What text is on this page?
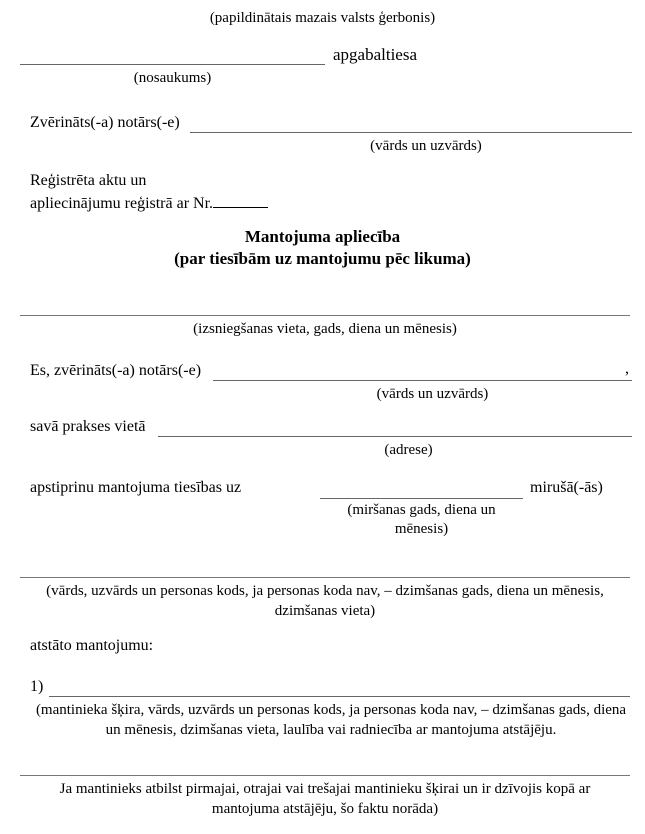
(papildinātais mazais valsts ģerbonis)
apgabaltiesa
(nosaukums)
Zvērināts(-a) notārs(-e)
(vārds un uzvārds)
Reģistrēta aktu un
apliecinājumu reģistrā ar Nr.
Mantojuma apliecība
(par tiesībām uz mantojumu pēc likuma)
(izsniegšanas vieta, gads, diena un mēnesis)
Es, zvērināts(-a) notārs(-e)	,
(vārds un uzvārds)
savā prakses vietā
(adrese)
apstiprinu mantojuma tiesības uz	mirušā(-ās)
(miršanas gads, diena un mēnesis)
(vārds, uzvārds un personas kods, ja personas koda nav, – dzimšanas gads, diena un mēnesis, dzimšanas vieta)
atstāto mantojumu:
1)
(mantinieka šķira, vārds, uzvārds un personas kods, ja personas koda nav, – dzimšanas gads, diena un mēnesis, dzimšanas vieta, laulība vai radniecība ar mantojuma atstājēju.
Ja mantinieks atbilst pirmajai, otrajai vai trešajai mantinieku šķirai un ir dzīvojis kopā ar mantojuma atstājēju, šo faktu norāda)
